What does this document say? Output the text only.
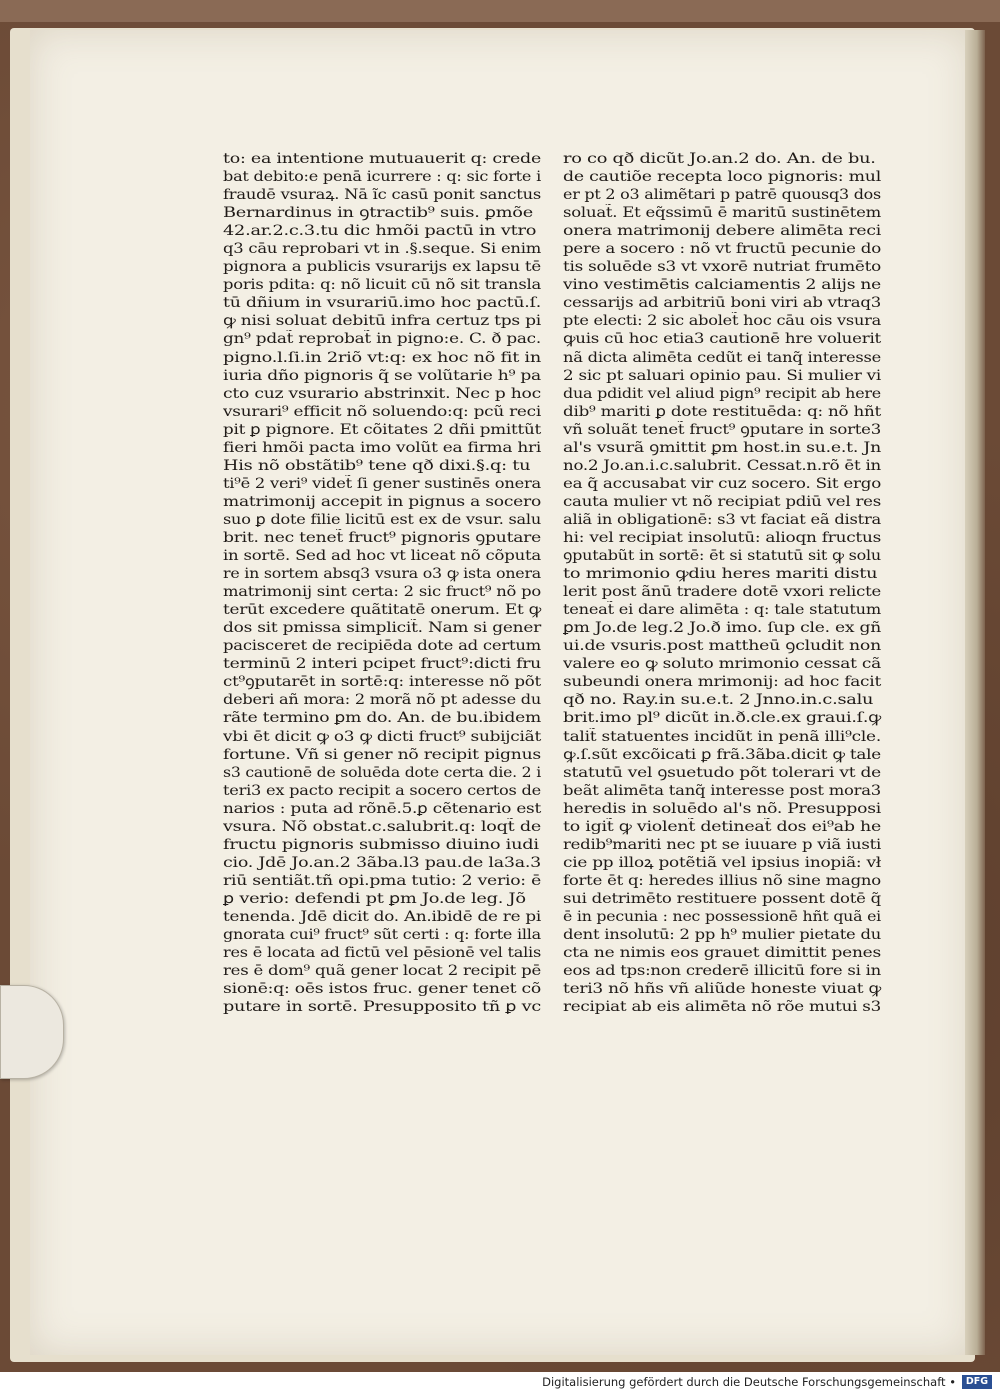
to: ea intentione mutuauerit q: crede
bat debito:e penā icurrere : q: sic forte i
fraudē vsuraꝝ. Nā ĩc casū ponit sanctus
Bernardinus in ꝯtractib⁹ suis. ꝑmõe
42.ar.2.c.3.tu dic hmõi pactū in vtro
q3 cāu reprobari vt in .§.seque. Si enim
pignora a publicis vsurarijs ex lapsu tē
poris pdita: q: nõ licuit cū nõ sit transla
tū dñium in vsurariū.imo hoc pactū.ſ.
ꝙ nisi soluat debitū infra certuz tps pi
gn⁹ pdat̃ reprobat̃ in pigno:e. C. ð pac.
pigno.l.ſi.in 2riõ vt:q: ex hoc nõ fit in
iuria dño pignoris q̃ se volũtarie h⁹ pa
cto cuz vsurario abstrinxit. Nec p hoc
vsurari⁹ efficit nõ soluendo:q: pcũ reci
pit ꝑ pignore. Et cõitates 2 dñi pmittũt
fieri hmõi pacta imo volũt ea firma hri
His nõ obstãtib⁹ tene qð dixi.§.q: tu
ti⁹ē 2 veri⁹ videt̃ ſi gener sustinēs onera
matrimonij accepit in pignus a socero
suo ꝑ dote filie licitū est ex de vsur. salu
brit. nec tenet̃ fruct⁹ pignoris ꝯputare
in sortē. Sed ad hoc vt liceat nõ cõputa
re in sortem absq3 vsura o3 ꝙ ista onera
matrimonij sint certa: 2 sic fruct⁹ nõ po
terūt excedere quãtitatē onerum. Et ꝙ
dos sit pmissa simplicit̃. Nam si gener
pacisceret de recipiēda dote ad certum
terminū 2 interi pcipet fruct⁹:dicti fru
ct⁹ꝯputarēt in sortē:q: interesse nõ põt
deberi añ mora: 2 morã nõ pt adesse du
rãte termino ꝑm do. An. de bu.ibidem
vbi ēt dicit ꝙ o3 ꝙ dicti fruct⁹ subijciãt
fortune. Vñ si gener nõ recipit pignus
s3 cautionē de soluēda dote certa die. 2 i
teri3 ex pacto recipit a socero certos de
narios : puta ad rõnē.5.ꝑ cẽtenario est
vsura. Nõ obstat.c.salubrit.q: loqt̃ de
fructu pignoris submisso diuino iudi
cio. Jdē Jo.an.2 3ãba.l3 pau.de la3a.3
riū sentiãt.tñ opi.pma tutio: 2 verio: ē
ꝑ verio: defendi pt ꝑm Jo.de leg. Jõ
tenenda. Jdē dicit do. An.ibidē de re pi
gnorata cui⁹ fruct⁹ sũt certi : q: forte illa
res ē locata ad fictū vel pēsionē vel talis
res ē dom⁹ quã gener locat 2 recipit pē
sionē:q: oēs istos fruc. gener tenet cõ
putare in sortē. Presupposito tñ ꝑ vc
ro co qð dicũt Jo.an.2 do. An. de bu.
de cautiõe recepta loco pignoris: mul
er pt 2 o3 alimẽtari p patrē quousq3 dos
soluat̃. Et eq̃ssimū ē maritū sustinētem
onera matrimonij debere alimēta reci
pere a socero : nõ vt fructū pecunie do
tis soluēde s3 vt vxorē nutriat frumēto
vino vestimētis calciamentis 2 alijs ne
cessarijs ad arbitriū boni viri ab vtraq3
pte electi: 2 sic abolet̃ hoc cāu ois vsura
ꝙuis cū hoc etia3 cautionē hre voluerit
nã dicta alimēta cedũt ei tanq̃ interesse
2 sic pt saluari opinio pau. Si mulier vi
dua pdidit vel aliud pign⁹ recipit ab here
dib⁹ mariti ꝑ dote restituēda: q: nõ hñt
vñ soluãt tenet̃ fruct⁹ ꝯputare in sorte3
al's vsurã ꝯmittit ꝑm host.in su.e.t. Jn
no.2 Jo.an.i.c.salubrit. Cessat.n.rõ ēt in
ea q̃ accusabat vir cuz socero. Sit ergo
cauta mulier vt nõ recipiat pdiū vel res
aliã in obligationē: s3 vt faciat eã distra
hi: vel recipiat insolutū: alioqn fructus
ꝯputabũt in sortē: ēt si statutū sit ꝙ solu
to mrimonio ꝙdiu heres mariti distu
lerit post ãnū tradere dotē vxori relicte
teneat̃ ei dare alimēta : q: tale statutum
ꝑm Jo.de leg.2 Jo.ð imo. ſup cle. ex gñ
ui.de vsuris.post mattheū ꝯcludit non
valere eo ꝙ soluto mrimonio cessat cã
subeundi onera mrimonij: ad hoc facit
qð no. Ray.in su.e.t. 2 Jnno.in.c.salu
brit.imo pl⁹ dicũt in.ð.cle.ex graui.ſ.ꝙ
talit̃ statuentes incidũt in penã illi⁹cle.
ꝙ.ſ.sũt excõicati ꝑ frã.3ãba.dicit ꝙ tale
statutū vel ꝯsuetudo põt tolerari vt de
beãt alimēta tanq̃ interesse post mora3
heredis in soluēdo al's nõ. Presupposi
to igit̃ ꝙ violent̃ detineat̃ dos ei⁹ab he
redib⁹mariti nec pt se iuuare p viã iusti
cie pp illoꝝ potẽtiã vel ipsius inopiã: vł
forte ēt q: heredes illius nõ sine magno
sui detrimēto restituere possent dotē q̃
ē in pecunia : nec possessionē hñt quã ei
dent insolutū: 2 pp h⁹ mulier pietate du
cta ne nimis eos grauet dimittit penes
eos ad tps:non crederē illicitū fore si in
teri3 nõ hñs vñ aliũde honeste viuat ꝙ
recipiat ab eis alimēta nõ rõe mutui s3
Digitalisierung gefördert durch die Deutsche Forschungsgemeinschaft •	DFG
